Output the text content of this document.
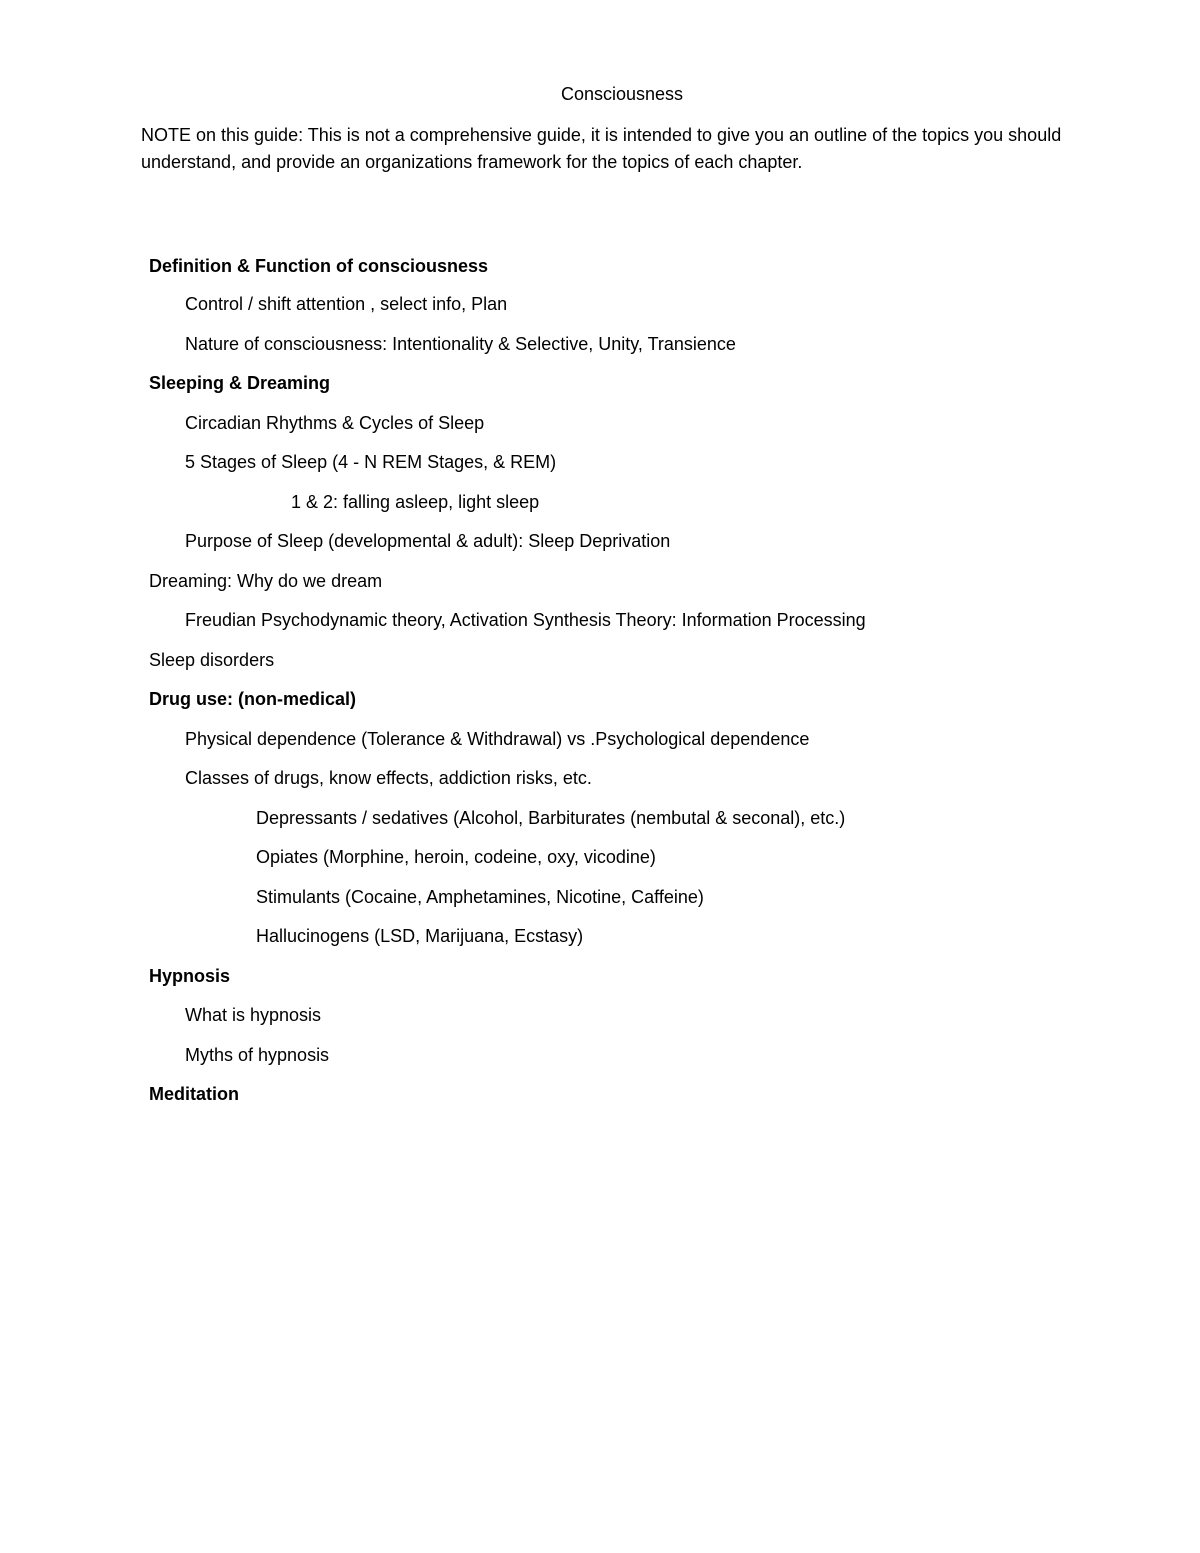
Consciousness
NOTE on this guide: This is not a comprehensive guide, it is intended to give you an outline of the topics you should understand, and provide an organizations framework for the topics of each chapter.
Definition & Function of consciousness
Control / shift attention , select info, Plan
Nature of consciousness: Intentionality & Selective, Unity, Transience
Sleeping & Dreaming
Circadian Rhythms & Cycles of Sleep
5 Stages of Sleep (4 - N REM Stages, & REM)
1 & 2: falling asleep, light sleep
Purpose of Sleep (developmental & adult): Sleep Deprivation
Dreaming: Why do we dream
Freudian Psychodynamic theory, Activation Synthesis Theory: Information Processing
Sleep disorders
Drug use: (non-medical)
Physical dependence (Tolerance & Withdrawal) vs .Psychological dependence
Classes of drugs, know effects, addiction risks, etc.
Depressants / sedatives (Alcohol, Barbiturates (nembutal & seconal), etc.)
Opiates (Morphine, heroin, codeine, oxy, vicodine)
Stimulants (Cocaine, Amphetamines, Nicotine, Caffeine)
Hallucinogens (LSD, Marijuana, Ecstasy)
Hypnosis
What is hypnosis
Myths of hypnosis
Meditation
